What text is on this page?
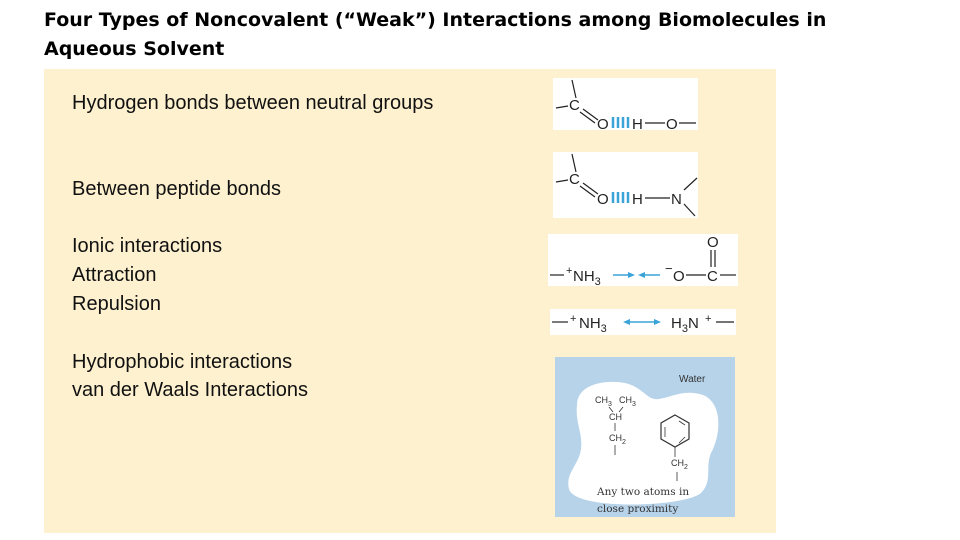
Four Types of Noncovalent (“Weak”) Interactions among Biomolecules in Aqueous Solvent
Hydrogen bonds between neutral groups
Between peptide bonds
Ionic interactions
Attraction
Repulsion
Hydrophobic interactions
van der Waals Interactions
C
O H O
C
O H N
+ $NH_3$
− O C
O
+ $NH_3$	$H_3N$ +
Water
$CH_3$ $CH_3$
CH
$CH_2$
$CH_2$
Any two atoms in
close proximity
